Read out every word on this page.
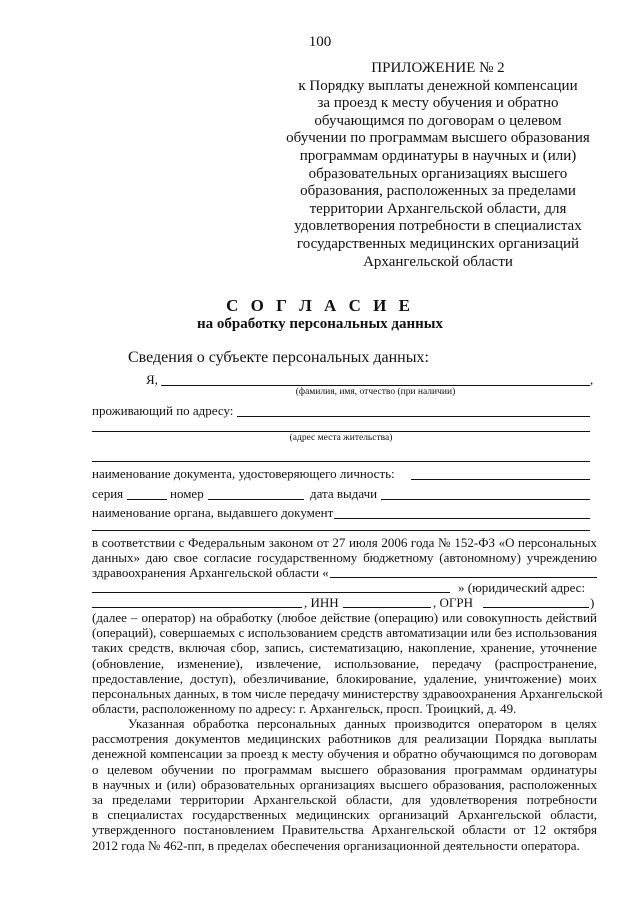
100
ПРИЛОЖЕНИЕ № 2
к Порядку выплаты денежной компенсации
за проезд к месту обучения и обратно
обучающимся по договорам о целевом
обучении по программам высшего образования
программам ординатуры в научных и (или)
образовательных организациях высшего
образования, расположенных за пределами
территории Архангельской области, для
удовлетворения потребности в специалистах
государственных медицинских организаций
Архангельской области
С О Г Л А С И Е
на обработку персональных данных
Сведения о субъекте персональных данных:
Я,	,
(фамилия, имя, отчество (при наличии)
проживающий по адресу:
(адрес места жительства)
наименование документа, удостоверяющего личность:
серия	номер	дата выдачи
наименование органа, выдавшего документ
в соответствии с Федеральным законом от 27 июля 2006 года № 152-ФЗ «О персональных
данных» даю свое согласие государственному бюджетному (автономному) учреждению
здравоохранения Архангельской области «
» (юридический адрес:
, ИНН	, ОГРН	)
(далее – оператор) на обработку (любое действие (операцию) или совокупность действий
(операций), совершаемых с использованием средств автоматизации или без использования
таких средств, включая сбор, запись, систематизацию, накопление, хранение, уточнение
(обновление, изменение), извлечение, использование, передачу (распространение,
предоставление, доступ), обезличивание, блокирование, удаление, уничтожение) моих
персональных данных, в том числе передачу министерству здравоохранения Архангельской
области, расположенному по адресу: г. Архангельск, просп. Троицкий, д. 49.
Указанная обработка персональных данных производится оператором в целях
рассмотрения документов медицинских работников для реализации Порядка выплаты
денежной компенсации за проезд к месту обучения и обратно обучающимся по договорам
о целевом обучении по программам высшего образования программам ординатуры
в научных и (или) образовательных организациях высшего образования, расположенных
за пределами территории Архангельской области, для удовлетворения потребности
в специалистах государственных медицинских организаций Архангельской области,
утвержденного постановлением Правительства Архангельской области от 12 октября
2012 года № 462-пп, в пределах обеспечения организационной деятельности оператора.
